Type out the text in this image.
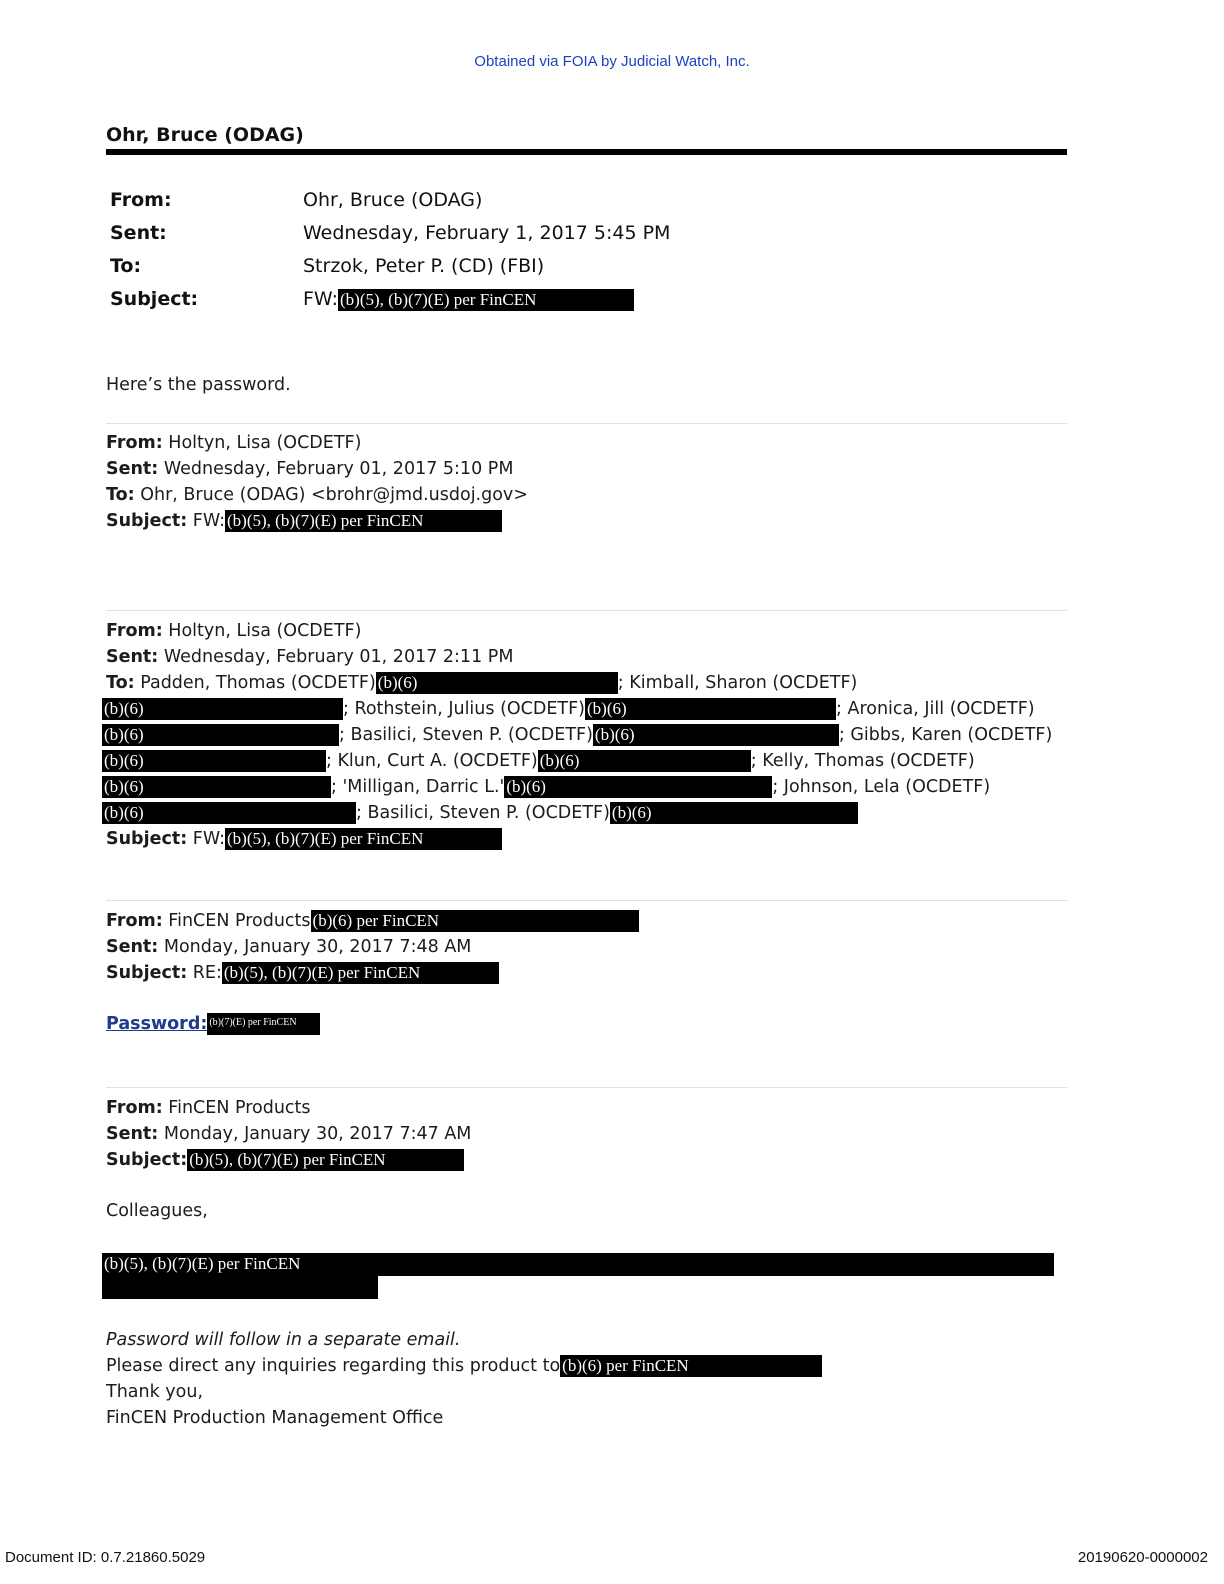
Obtained via FOIA by Judicial Watch, Inc.
Ohr, Bruce (ODAG)
From:	Ohr, Bruce (ODAG)
Sent:	Wednesday, February 1, 2017 5:45 PM
To:	Strzok, Peter P. (CD) (FBI)
Subject:	FW: (b)(5), (b)(7)(E) per FinCEN
Here’s the password.
From: Holtyn, Lisa (OCDETF)
Sent: Wednesday, February 01, 2017 5:10 PM
To: Ohr, Bruce (ODAG) <brohr@jmd.usdoj.gov>
Subject: FW: (b)(5), (b)(7)(E) per FinCEN
From: Holtyn, Lisa (OCDETF)
Sent: Wednesday, February 01, 2017 2:11 PM
To: Padden, Thomas (OCDETF) (b)(6)	; Kimball, Sharon (OCDETF)
(b)(6)	; Rothstein, Julius (OCDETF) (b)(6)	; Aronica, Jill (OCDETF)
(b)(6)	; Basilici, Steven P. (OCDETF) (b)(6)	; Gibbs, Karen (OCDETF)
(b)(6)	; Klun, Curt A. (OCDETF) (b)(6)	; Kelly, Thomas (OCDETF)
(b)(6)	; 'Milligan, Darric L.' (b)(6)	; Johnson, Lela (OCDETF)
(b)(6)	; Basilici, Steven P. (OCDETF) (b)(6)
Subject: FW: (b)(5), (b)(7)(E) per FinCEN
From: FinCEN Products (b)(6) per FinCEN
Sent: Monday, January 30, 2017 7:48 AM
Subject: RE: (b)(5), (b)(7)(E) per FinCEN
Password: (b)(7)(E) per FinCEN
From: FinCEN Products
Sent: Monday, January 30, 2017 7:47 AM
Subject: (b)(5), (b)(7)(E) per FinCEN
Colleagues,
(b)(5), (b)(7)(E) per FinCEN
Password will follow in a separate email.
Please direct any inquiries regarding this product to (b)(6) per FinCEN
Thank you,
FinCEN Production Management Office
Document ID: 0.7.21860.5029	20190620-0000002
